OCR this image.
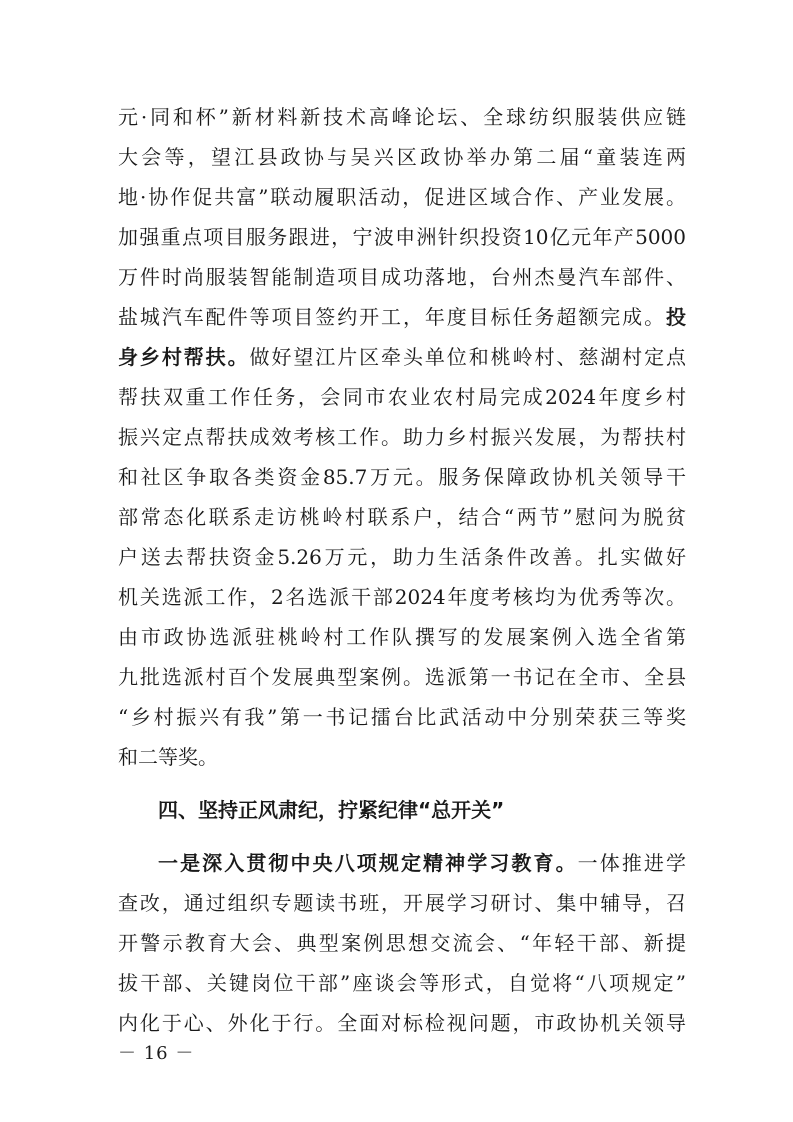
元·同和杯”新材料新技术高峰论坛、全球纺织服装供应链
大会等，望江县政协与吴兴区政协举办第二届“童装连两
地·协作促共富”联动履职活动，促进区域合作、产业发展。
加强重点项目服务跟进，宁波申洲针织投资10亿元年产5000
万件时尚服装智能制造项目成功落地，台州杰曼汽车部件、
盐城汽车配件等项目签约开工，年度目标任务超额完成。投
身乡村帮扶。做好望江片区牵头单位和桃岭村、慈湖村定点
帮扶双重工作任务，会同市农业农村局完成2024年度乡村
振兴定点帮扶成效考核工作。助力乡村振兴发展，为帮扶村
和社区争取各类资金85.7万元。服务保障政协机关领导干
部常态化联系走访桃岭村联系户，结合“两节”慰问为脱贫
户送去帮扶资金5.26万元，助力生活条件改善。扎实做好
机关选派工作，2名选派干部2024年度考核均为优秀等次。
由市政协选派驻桃岭村工作队撰写的发展案例入选全省第
九批选派村百个发展典型案例。选派第一书记在全市、全县
“乡村振兴有我”第一书记擂台比武活动中分别荣获三等奖
和二等奖。
四、坚持正风肃纪，拧紧纪律“总开关”
一是深入贯彻中央八项规定精神学习教育。一体推进学
查改，通过组织专题读书班，开展学习研讨、集中辅导，召
开警示教育大会、典型案例思想交流会、“年轻干部、新提
拔干部、关键岗位干部”座谈会等形式，自觉将“八项规定”
内化于心、外化于行。全面对标检视问题，市政协机关领导
－ 16 －
